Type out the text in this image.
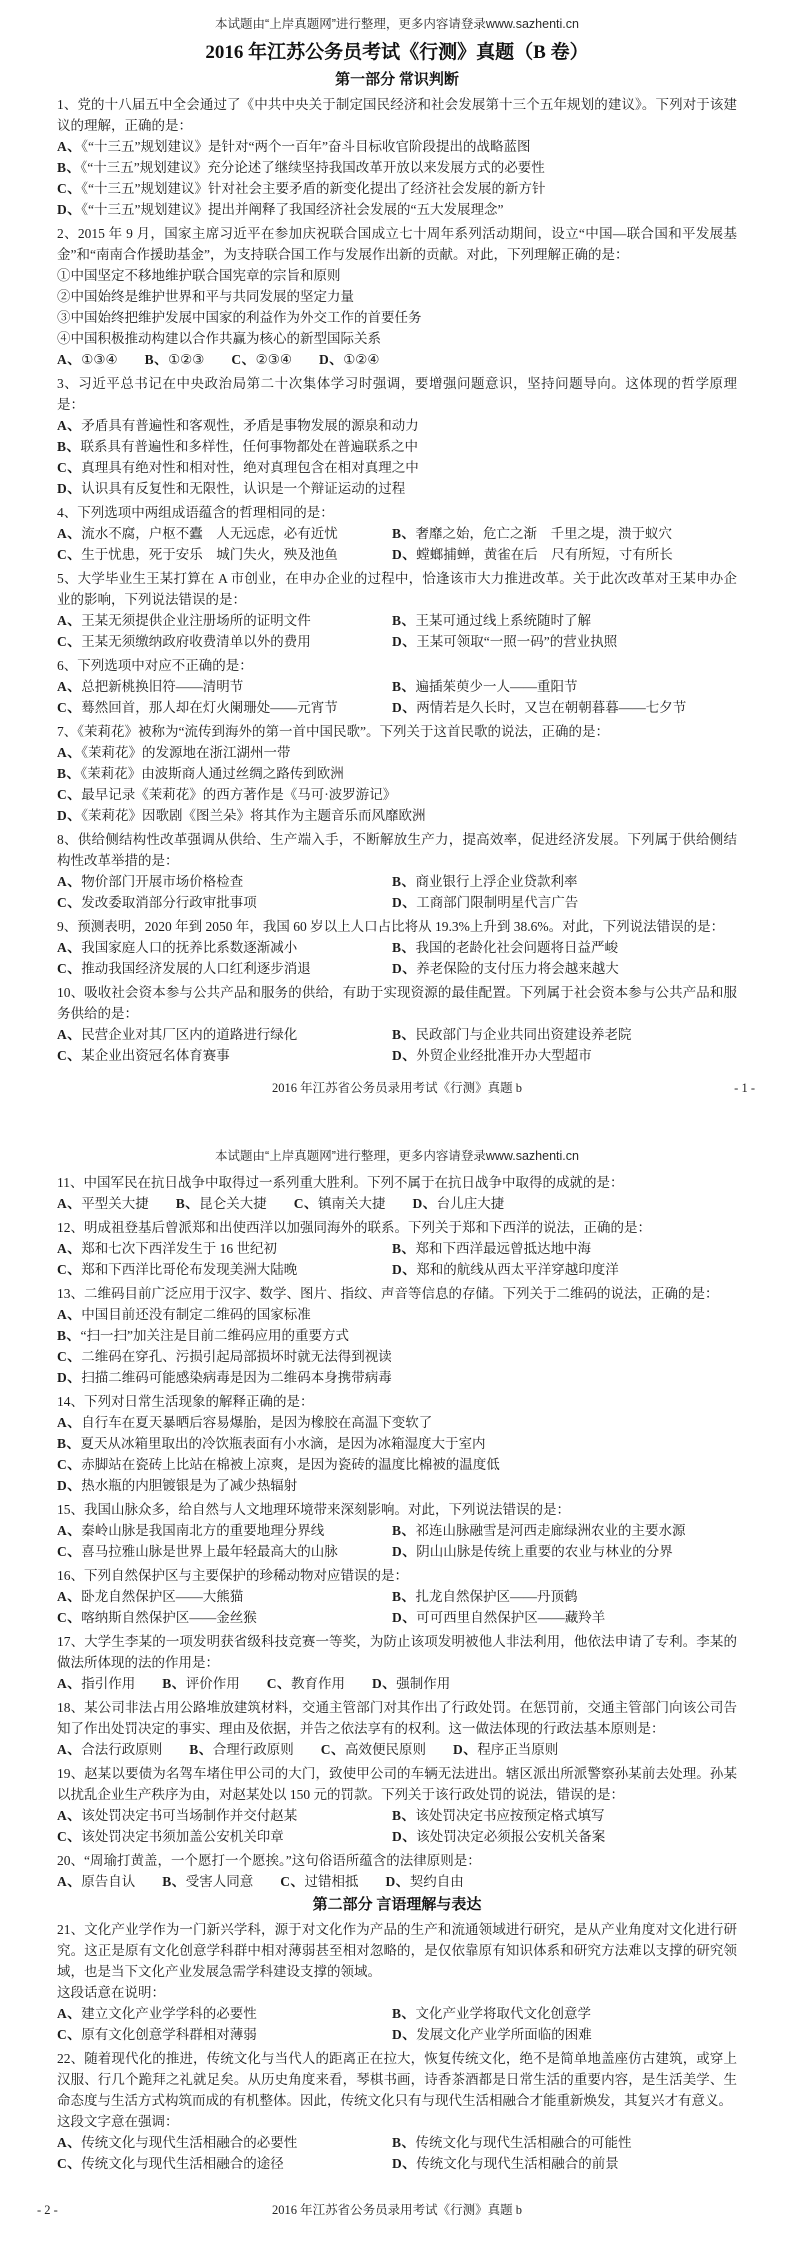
本试题由“上岸真题网”进行整理，更多内容请登录www.sazhenti.cn
2016 年江苏公务员考试《行测》真题（B 卷）
第一部分 常识判断

1、党的十八届五中全会通过了《中共中央关于制定国民经济和社会发展第十三个五年规划的建议》。下列对于该建议的理解，正确的是：

A、《“十三五”规划建议》是针对“两个一百年”奋斗目标收官阶段提出的战略蓝图
B、《“十三五”规划建议》充分论述了继续坚持我国改革开放以来发展方式的必要性
C、《“十三五”规划建议》针对社会主要矛盾的新变化提出了经济社会发展的新方针
D、《“十三五”规划建议》提出并阐释了我国经济社会发展的“五大发展理念”

2、2015 年 9 月，国家主席习近平在参加庆祝联合国成立七十周年系列活动期间，设立“中国—联合国和平发展基金”和“南南合作援助基金”，为支持联合国工作与发展作出新的贡献。对此，下列理解正确的是：

①中国坚定不移地维护联合国宪章的宗旨和原则

②中国始终是维护世界和平与共同发展的坚定力量

③中国始终把维护发展中国家的利益作为外交工作的首要任务

④中国积极推动构建以合作共赢为核心的新型国际关系

A、①③④ B、①②③ C、②③④ D、①②④

3、习近平总书记在中央政治局第二十次集体学习时强调，要增强问题意识，坚持问题导向。这体现的哲学原理是：

A、矛盾具有普遍性和客观性，矛盾是事物发展的源泉和动力
B、联系具有普遍性和多样性，任何事物都处在普遍联系之中
C、真理具有绝对性和相对性，绝对真理包含在相对真理之中
D、认识具有反复性和无限性，认识是一个辩证运动的过程

4、下列选项中两组成语蕴含的哲理相同的是：

A、流水不腐，户枢不蠹　人无远虑，必有近忧	B、奢靡之始，危亡之渐　千里之堤，溃于蚁穴
C、生于忧患，死于安乐　城门失火，殃及池鱼	D、螳螂捕蝉，黄雀在后　尺有所短，寸有所长

5、大学毕业生王某打算在 A 市创业，在申办企业的过程中，恰逢该市大力推进改革。关于此次改革对王某申办企业的影响，下列说法错误的是：

A、王某无须提供企业注册场所的证明文件	B、王某可通过线上系统随时了解
C、王某无须缴纳政府收费清单以外的费用	D、王某可领取“一照一码”的营业执照

6、下列选项中对应不正确的是：

A、总把新桃换旧符——清明节	B、遍插茱萸少一人——重阳节
C、蓦然回首，那人却在灯火阑珊处——元宵节	D、两情若是久长时，又岂在朝朝暮暮——七夕节

7、《茉莉花》被称为“流传到海外的第一首中国民歌”。下列关于这首民歌的说法，正确的是：

A、《茉莉花》的发源地在浙江湖州一带
B、《茉莉花》由波斯商人通过丝绸之路传到欧洲
C、最早记录《茉莉花》的西方著作是《马可·波罗游记》
D、《茉莉花》因歌剧《图兰朵》将其作为主题音乐而风靡欧洲

8、供给侧结构性改革强调从供给、生产端入手，不断解放生产力，提高效率，促进经济发展。下列属于供给侧结构性改革举措的是：

A、物价部门开展市场价格检查	B、商业银行上浮企业贷款利率
C、发改委取消部分行政审批事项	D、工商部门限制明星代言广告

9、预测表明，2020 年到 2050 年，我国 60 岁以上人口占比将从 19.3%上升到 38.6%。对此，下列说法错误的是：

A、我国家庭人口的抚养比系数逐渐减小	B、我国的老龄化社会问题将日益严峻
C、推动我国经济发展的人口红利逐步消退	D、养老保险的支付压力将会越来越大

10、吸收社会资本参与公共产品和服务的供给，有助于实现资源的最佳配置。下列属于社会资本参与公共产品和服务供给的是：

A、民营企业对其厂区内的道路进行绿化	B、民政部门与企业共同出资建设养老院
C、某企业出资冠名体育赛事	D、外贸企业经批准开办大型超市
2016 年江苏省公务员录用考试《行测》真题 b	- 1 -
本试题由“上岸真题网”进行整理，更多内容请登录www.sazhenti.cn

11、中国军民在抗日战争中取得过一系列重大胜利。下列不属于在抗日战争中取得的成就的是：

A、平型关大捷 B、昆仑关大捷 C、镇南关大捷 D、台儿庄大捷

12、明成祖登基后曾派郑和出使西洋以加强同海外的联系。下列关于郑和下西洋的说法，正确的是：

A、郑和七次下西洋发生于 16 世纪初	B、郑和下西洋最远曾抵达地中海
C、郑和下西洋比哥伦布发现美洲大陆晚	D、郑和的航线从西太平洋穿越印度洋

13、二维码目前广泛应用于汉字、数学、图片、指纹、声音等信息的存储。下列关于二维码的说法，正确的是：

A、中国目前还没有制定二维码的国家标准
B、“扫一扫”加关注是目前二维码应用的重要方式
C、二维码在穿孔、污损引起局部损坏时就无法得到视读
D、扫描二维码可能感染病毒是因为二维码本身携带病毒

14、下列对日常生活现象的解释正确的是：

A、自行车在夏天暴晒后容易爆胎，是因为橡胶在高温下变软了
B、夏天从冰箱里取出的冷饮瓶表面有小水滴，是因为冰箱湿度大于室内
C、赤脚站在瓷砖上比站在棉被上凉爽，是因为瓷砖的温度比棉被的温度低
D、热水瓶的内胆镀银是为了减少热辐射

15、我国山脉众多，给自然与人文地理环境带来深刻影响。对此，下列说法错误的是：

A、秦岭山脉是我国南北方的重要地理分界线	B、祁连山脉融雪是河西走廊绿洲农业的主要水源
C、喜马拉雅山脉是世界上最年轻最高大的山脉	D、阴山山脉是传统上重要的农业与林业的分界

16、下列自然保护区与主要保护的珍稀动物对应错误的是：

A、卧龙自然保护区——大熊猫	B、扎龙自然保护区——丹顶鹤
C、喀纳斯自然保护区——金丝猴	D、可可西里自然保护区——藏羚羊

17、大学生李某的一项发明获省级科技竞赛一等奖，为防止该项发明被他人非法利用，他依法申请了专利。李某的做法所体现的法的作用是：

A、指引作用 B、评价作用 C、教育作用 D、强制作用

18、某公司非法占用公路堆放建筑材料，交通主管部门对其作出了行政处罚。在惩罚前，交通主管部门向该公司告知了作出处罚决定的事实、理由及依据，并告之依法享有的权利。这一做法体现的行政法基本原则是：

A、合法行政原则 B、合理行政原则 C、高效便民原则 D、程序正当原则

19、赵某以要债为名驾车堵住甲公司的大门，致使甲公司的车辆无法进出。辖区派出所派警察孙某前去处理。孙某以扰乱企业生产秩序为由，对赵某处以 150 元的罚款。下列关于该行政处罚的说法，错误的是：

A、该处罚决定书可当场制作并交付赵某	B、该处罚决定书应按预定格式填写
C、该处罚决定书须加盖公安机关印章	D、该处罚决定必须报公安机关备案

20、“周瑜打黄盖，一个愿打一个愿挨。”这句俗语所蕴含的法律原则是：

A、原告自认 B、受害人同意 C、过错相抵 D、契约自由
第二部分 言语理解与表达

21、文化产业学作为一门新兴学科，源于对文化作为产品的生产和流通领域进行研究，是从产业角度对文化进行研究。这正是原有文化创意学科群中相对薄弱甚至相对忽略的，是仅依靠原有知识体系和研究方法难以支撑的研究领域，也是当下文化产业发展急需学科建设支撑的领域。

这段话意在说明：

A、建立文化产业学学科的必要性	B、文化产业学将取代文化创意学
C、原有文化创意学科群相对薄弱	D、发展文化产业学所面临的困难

22、随着现代化的推进，传统文化与当代人的距离正在拉大，恢复传统文化，绝不是简单地盖座仿古建筑，或穿上汉服、行几个跪拜之礼就足矣。从历史角度来看，琴棋书画，诗香茶酒都是日常生活的重要内容，是生活美学、生命态度与生活方式构筑而成的有机整体。因此，传统文化只有与现代生活相融合才能重新焕发，其复兴才有意义。

这段文字意在强调：

A、传统文化与现代生活相融合的必要性	B、传统文化与现代生活相融合的可能性
C、传统文化与现代生活相融合的途径	D、传统文化与现代生活相融合的前景
2016 年江苏省公务员录用考试《行测》真题 b
- 2 -
